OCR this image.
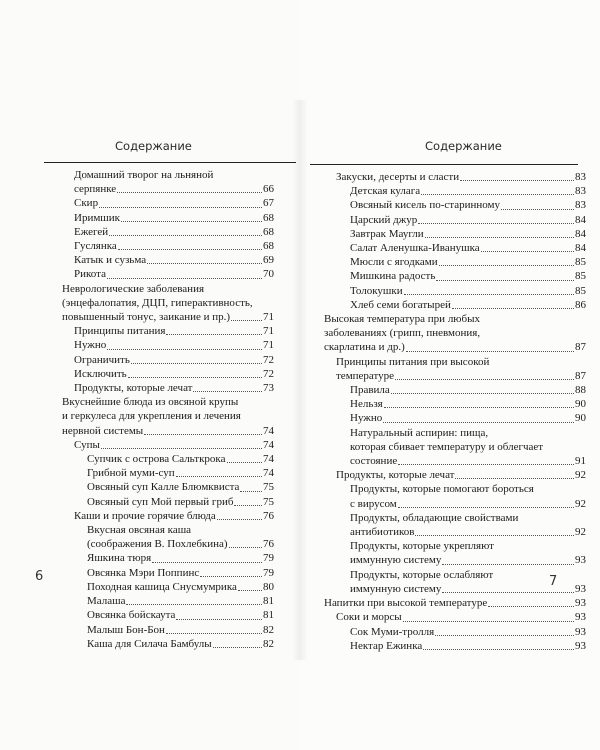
Содержание
Домашний творог на льняной
серпянке	66
Скир	67
Иримшик	68
Ежегей	68
Гуслянка	68
Катык и сузьма	69
Рикота	70
Неврологические заболевания
(энцефалопатия, ДЦП, гиперактивность,
повышенный тонус, заикание и пр.)	71
Принципы питания	71
Нужно	71
Ограничить	72
Исключить	72
Продукты, которые лечат	73
Вкуснейшие блюда из овсяной крупы
и геркулеса для укрепления и лечения
нервной системы	74
Супы	74
Супчик с острова Сальткрока	74
Грибной муми-суп	74
Овсяный суп Калле Блюмквиста 75
Овсяный суп Мой первый гриб	75
Каши и прочие горячие блюда	76
Вкусная овсяная каша
(соображения В. Похлебкина)	76
Яшкина тюря	79
Овсянка Мэри Поппинс	79
Походная кашица Снусмумрика 80
Малаша	81
Овсянка бойскаута	81
Малыш Бон-Бон	82
Каша для Силача Бамбулы	82
6
Содержание
Закуски, десерты и сласти	83
Детская кулага	83
Овсяный кисель по-старинному	83
Царский джур	84
Завтрак Маугли	84
Салат Аленушка-Иванушка	84
Мюсли с ягодками	85
Мишкина радость	85
Толокушки	85
Хлеб семи богатырей	86
Высокая температура при любых
заболеваниях (грипп, пневмония,
скарлатина и др.)	87
Принципы питания при высокой
температуре	87
Правила	88
Нельзя	90
Нужно	90
Натуральный аспирин: пища,
которая сбивает температуру и облегчает
состояние	91
Продукты, которые лечат	92
Продукты, которые помогают бороться
с вирусом	92
Продукты, обладающие свойствами
антибиотиков	92
Продукты, которые укрепляют
иммунную систему	93
Продукты, которые ослабляют
иммунную систему	93
Напитки при высокой температуре	93
Соки и морсы	93
Сок Муми-тролля	93
Нектар Ежинка	93
7
